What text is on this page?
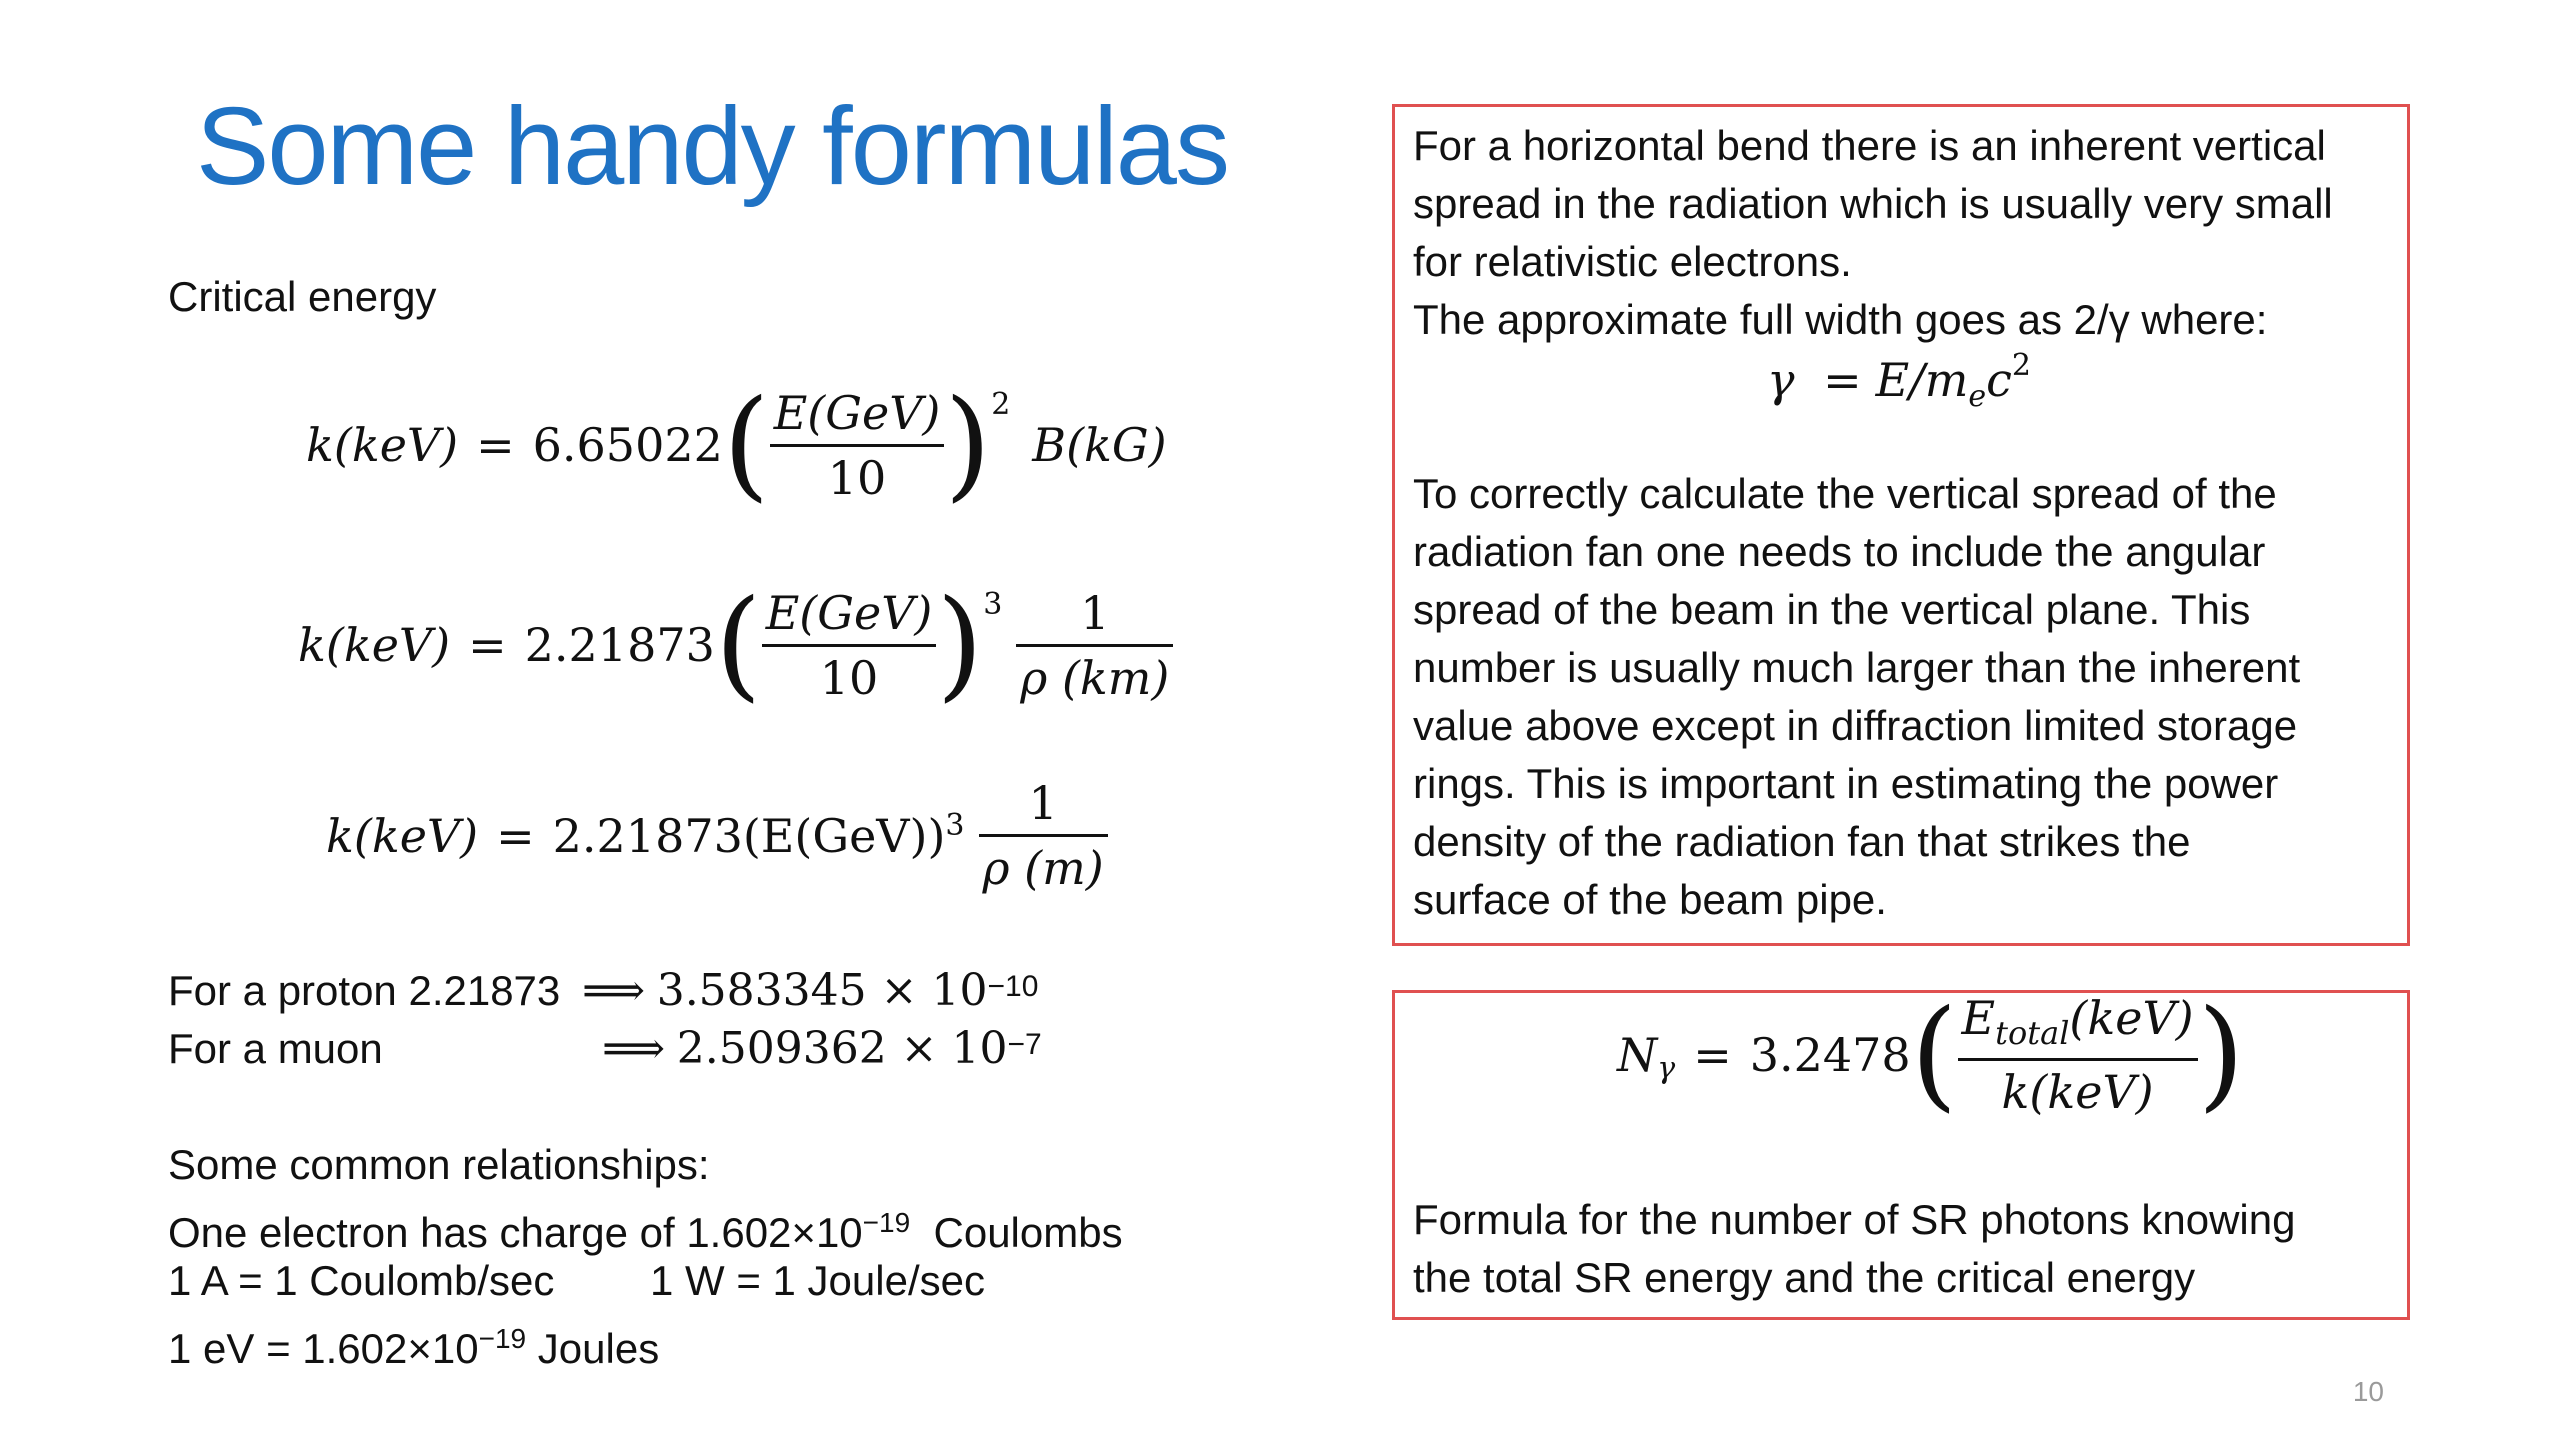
Some handy formulas
Critical energy
k(keV) = 6.65022 ( $\frac{\text{E(GeV)}}{10} )^2$
B(kG)
k(keV) = 2.21873 ( $\frac{\text{E(GeV)}}{10} )^3 \frac{1}{\rho (km)}$
$k(keV) = 2.21873(E(GeV))^3 \frac{1}{\rho (m)}$
For a proton 2.21873 ⟹ $3.583345 \times 10^{-10}$
For a muon	⟹ $2.509362 \times 10^{-7}$
Some common relationships:
One electron has charge of $1.602\times 10^{-19}$  Coulombs
1 A = 1 Coulomb/sec 1 W = 1 Joule/sec
1 eV = $1.602\times 10^{-19}$ Joules
For a horizontal bend there is an inherent vertical
spread in the radiation which is usually very small
for relativistic electrons.
The approximate full width goes as 2/γ where:
$\gamma = E/m_ec^2$
To correctly calculate the vertical spread of the
radiation fan one needs to include the angular
spread of the beam in the vertical plane. This
number is usually much larger than the inherent
value above except in diffraction limited storage
rings. This is important in estimating the power
density of the radiation fan that strikes the
surface of the beam pipe.
$N_\gamma = 3.2478$ ( $\frac{E_{total}(keV)}{\text{k(keV)}}$ )
Formula for the number of SR photons knowing
the total SR energy and the critical energy
10
